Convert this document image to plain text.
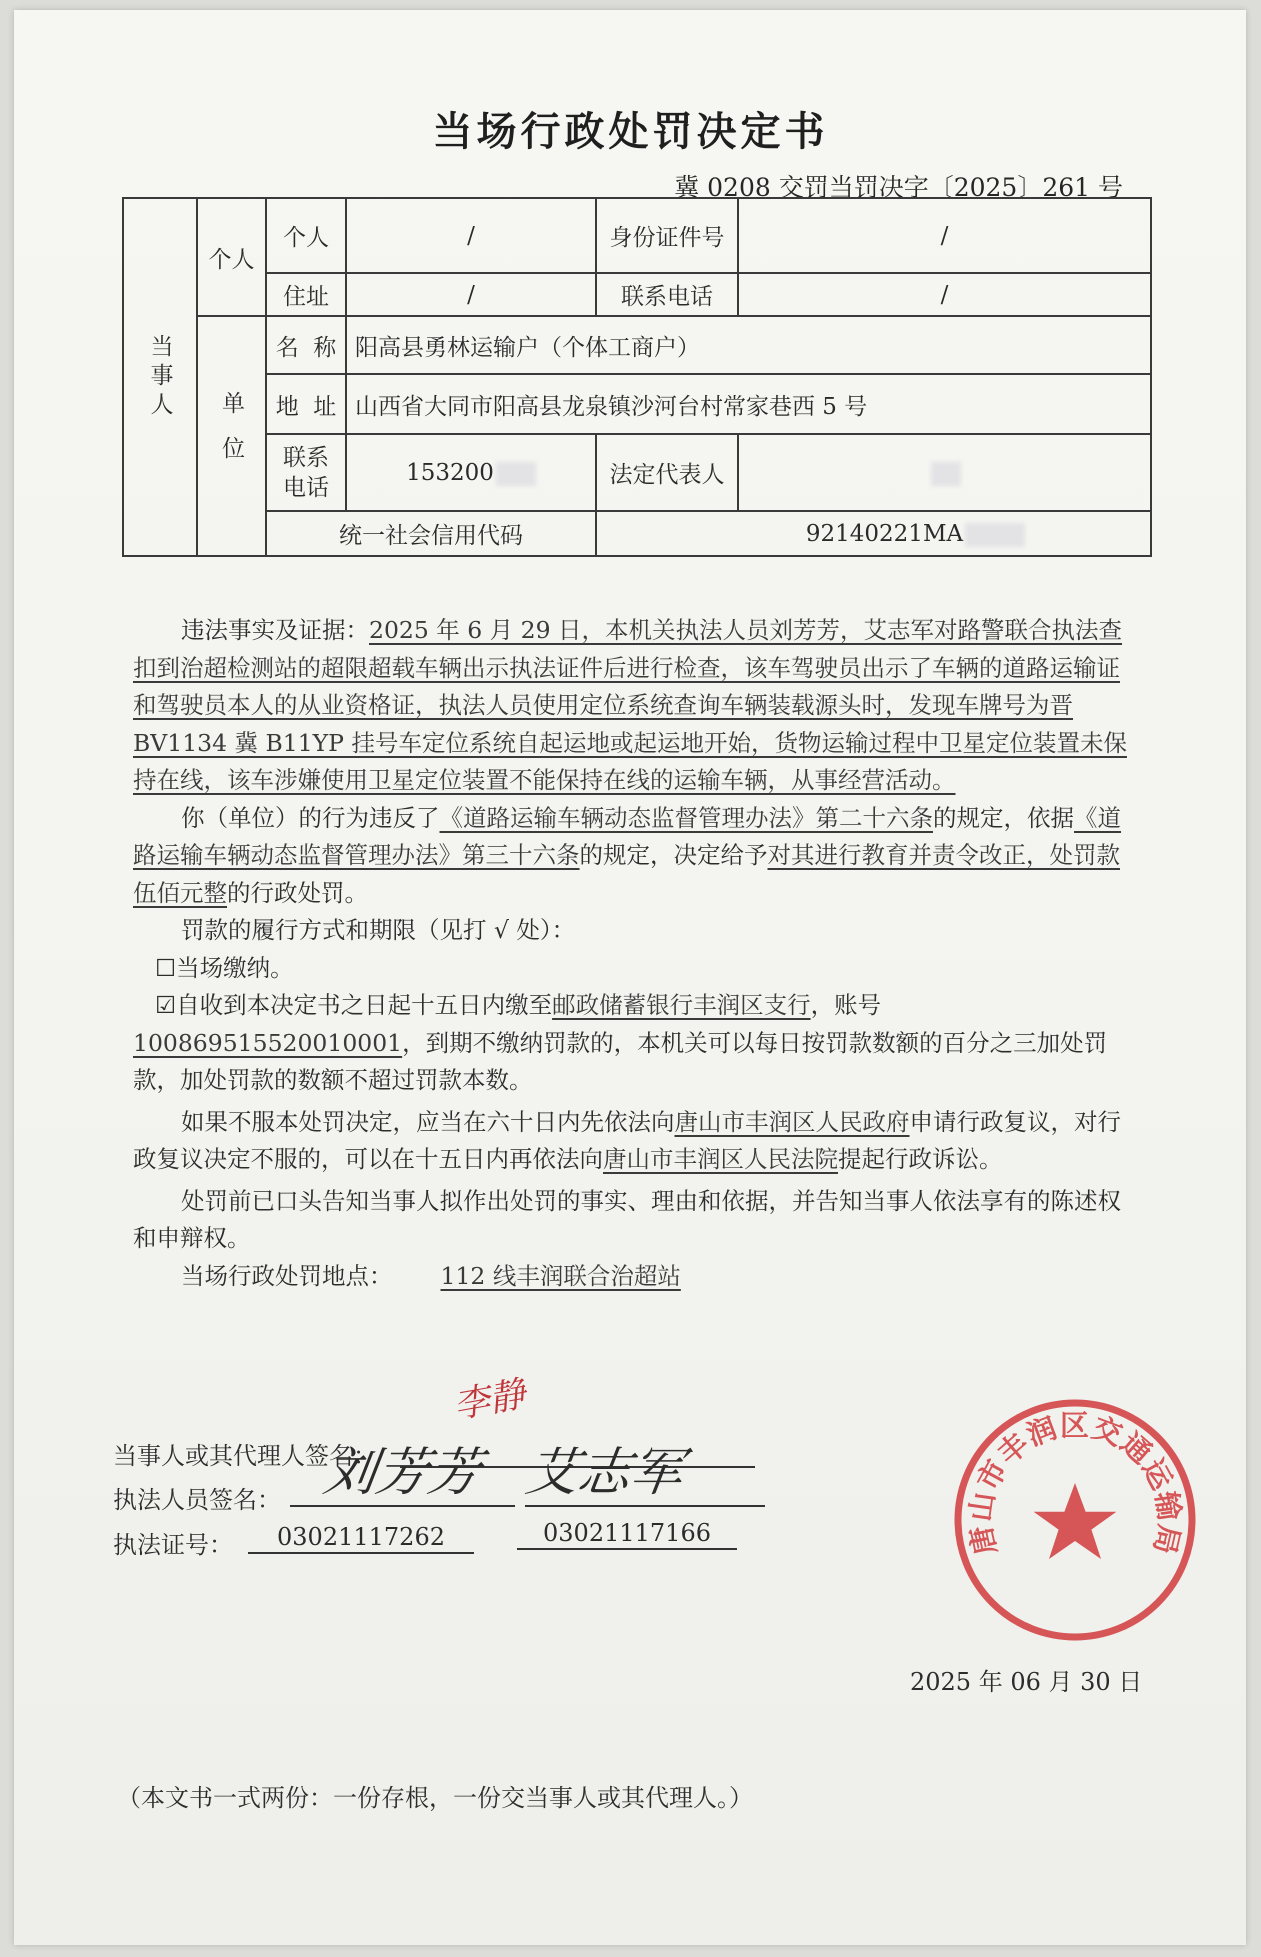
当场行政处罚决定书
冀 0208 交罚当罚决字〔2025〕261 号
当事人	个人	个人	/	身份证件号	/
		住址	/	联系电话	/
	单位	名  称	阳高县勇林运输户（个体工商户）		
		地  址	山西省大同市阳高县龙泉镇沙河台村常家巷西 5 号		
		联系电话	153200	法定代表人	
		统一社会信用代码		92140221MA	

违法事实及证据：2025 年 6 月 29 日，本机关执法人员刘芳芳，艾志军对路警联合执法查扣到治超检测站的超限超载车辆出示执法证件后进行检查，该车驾驶员出示了车辆的道路运输证和驾驶员本人的从业资格证，执法人员使用定位系统查询车辆装载源头时，发现车牌号为晋 BV1134 冀 B11YP 挂号车定位系统自起运地或起运地开始，货物运输过程中卫星定位装置未保持在线，该车涉嫌使用卫星定位装置不能保持在线的运输车辆，从事经营活动。

你（单位）的行为违反了《道路运输车辆动态监督管理办法》第二十六条的规定，依据《道路运输车辆动态监督管理办法》第三十六条的规定，决定给予对其进行教育并责令改正，处罚款伍佰元整的行政处罚。

罚款的履行方式和期限（见打 √ 处）：

☐当场缴纳。

☑自收到本决定书之日起十五日内缴至邮政储蓄银行丰润区支行，账号100869515520010001，到期不缴纳罚款的，本机关可以每日按罚款数额的百分之三加处罚款，加处罚款的数额不超过罚款本数。

如果不服本处罚决定，应当在六十日内先依法向唐山市丰润区人民政府申请行政复议，对行政复议决定不服的，可以在十五日内再依法向唐山市丰润区人民法院提起行政诉讼。

处罚前已口头告知当事人拟作出处罚的事实、理由和依据，并告知当事人依法享有的陈述权和申辩权。

当场行政处罚地点： 112 线丰润联合治超站

当事人或其代理人签名：
李静
执法人员签名： 刘芳芳 艾志军
执法证号：	03021117262	03021117166	唐山市丰润区交通运输局
2025 年 06 月 30 日
（本文书一式两份：一份存根，一份交当事人或其代理人。）
